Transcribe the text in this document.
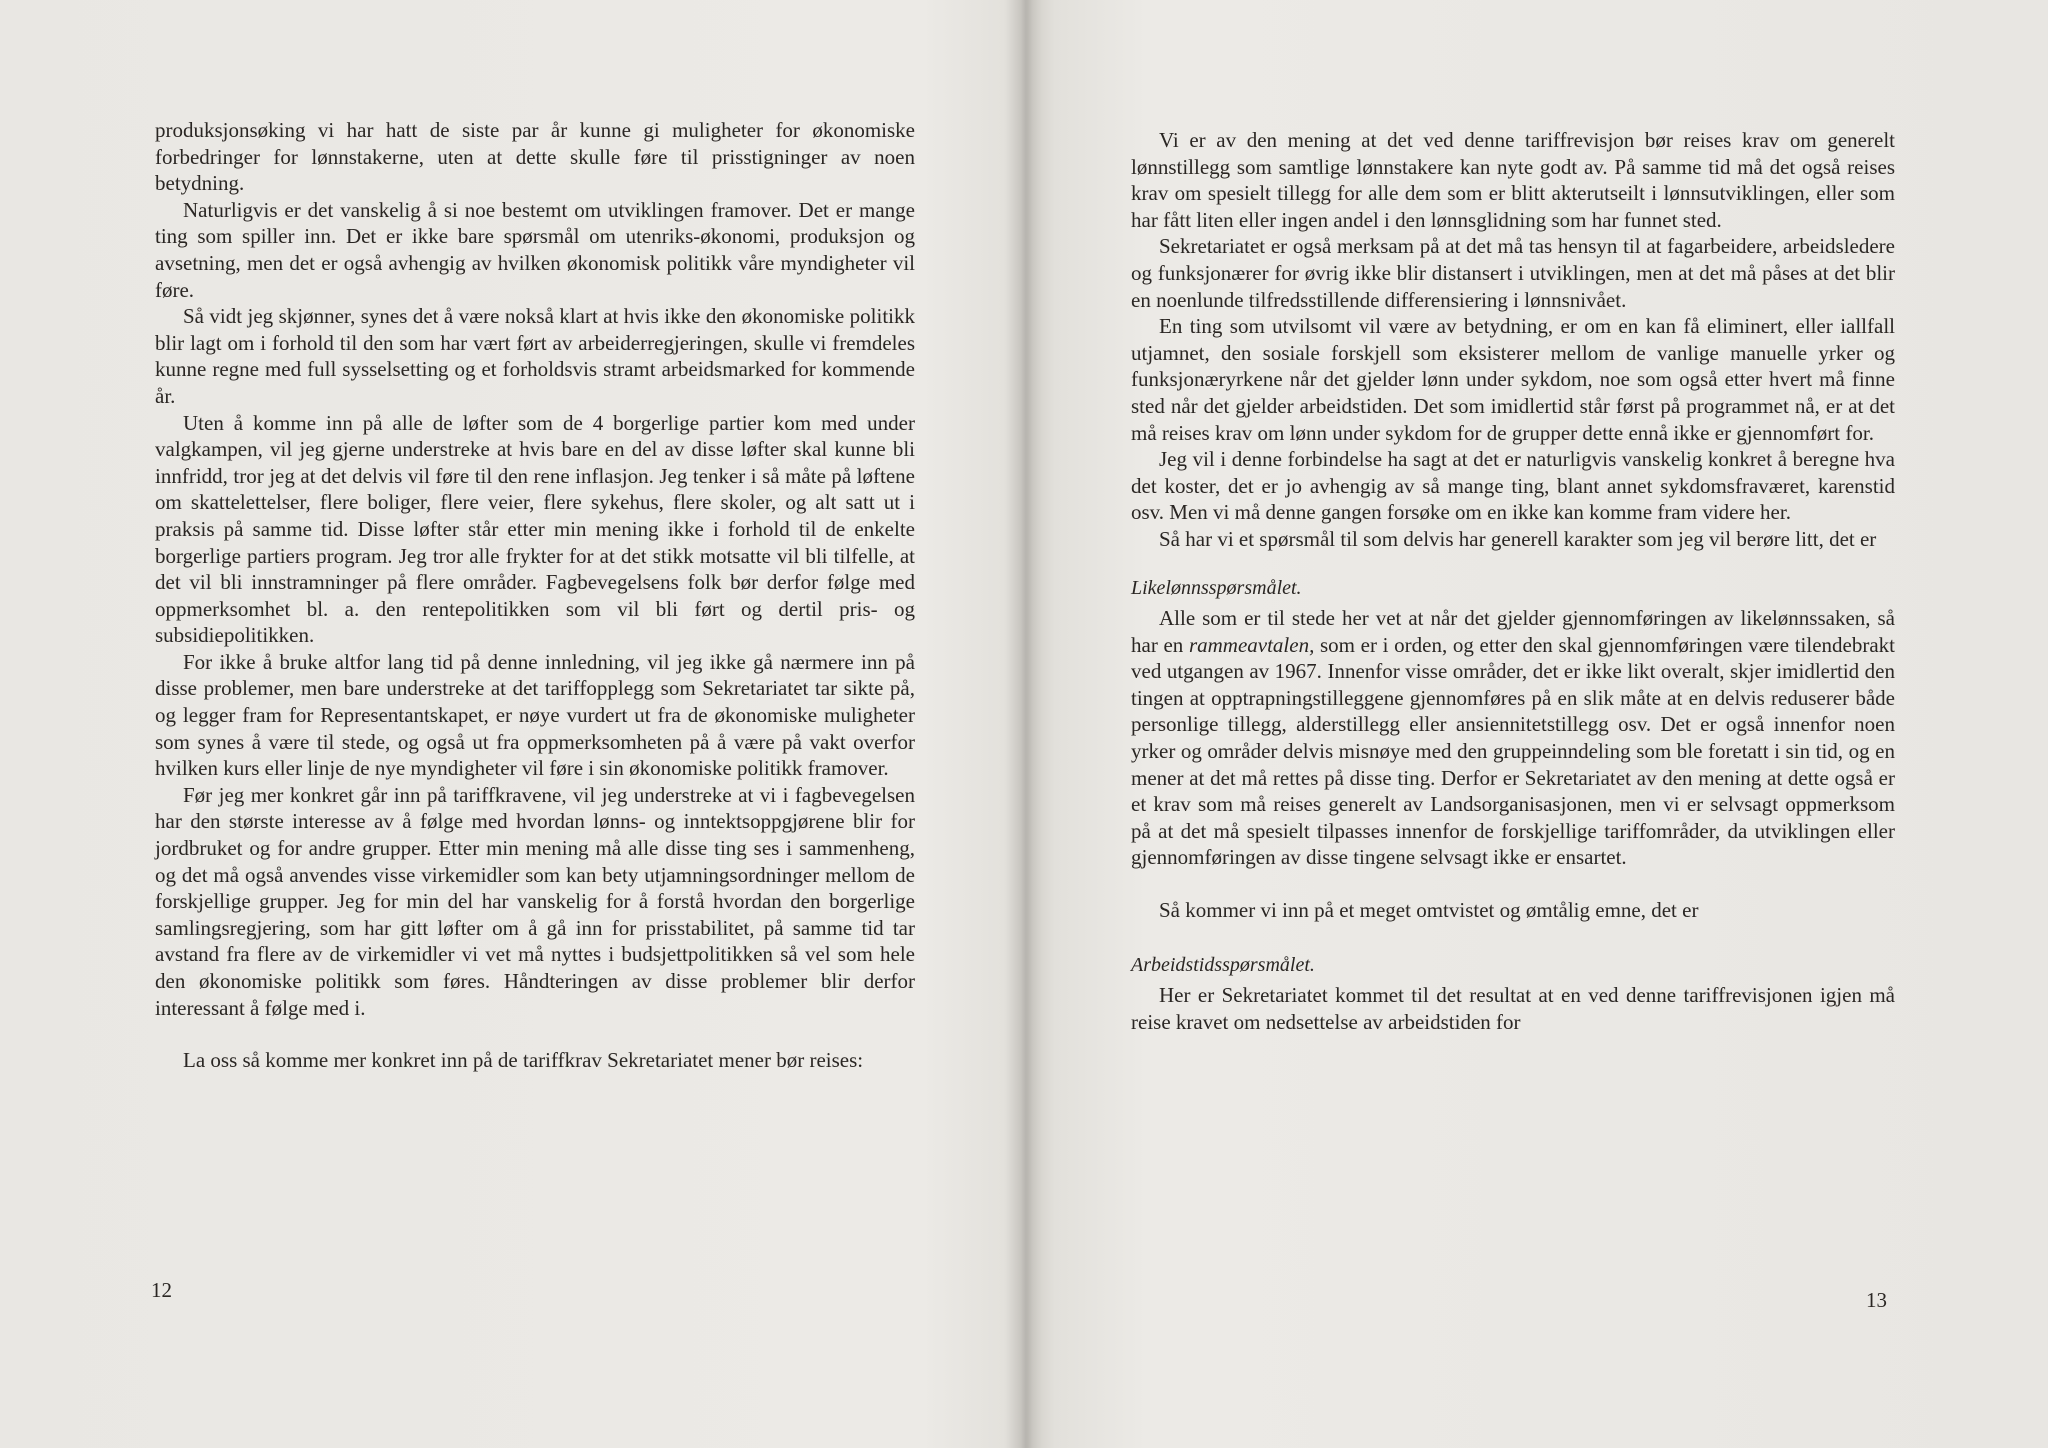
produksjonsøking vi har hatt de siste par år kunne gi muligheter for økonomiske forbedringer for lønnstakerne, uten at dette skulle føre til prisstigninger av noen betydning.

Naturligvis er det vanskelig å si noe bestemt om utviklingen framover. Det er mange ting som spiller inn. Det er ikke bare spørsmål om utenriks-økonomi, produksjon og avsetning, men det er også avhengig av hvilken økonomisk politikk våre myndigheter vil føre.

Så vidt jeg skjønner, synes det å være nokså klart at hvis ikke den økonomiske politikk blir lagt om i forhold til den som har vært ført av arbeiderregjeringen, skulle vi fremdeles kunne regne med full sysselsetting og et forholdsvis stramt arbeidsmarked for kommende år.

Uten å komme inn på alle de løfter som de 4 borgerlige partier kom med under valgkampen, vil jeg gjerne understreke at hvis bare en del av disse løfter skal kunne bli innfridd, tror jeg at det delvis vil føre til den rene inflasjon. Jeg tenker i så måte på løftene om skattelettelser, flere boliger, flere veier, flere sykehus, flere skoler, og alt satt ut i praksis på samme tid. Disse løfter står etter min mening ikke i forhold til de enkelte borgerlige partiers program. Jeg tror alle frykter for at det stikk motsatte vil bli tilfelle, at det vil bli innstramninger på flere områder. Fagbevegelsens folk bør derfor følge med oppmerksomhet bl. a. den rentepolitikken som vil bli ført og dertil pris- og subsidiepolitikken.

For ikke å bruke altfor lang tid på denne innledning, vil jeg ikke gå nærmere inn på disse problemer, men bare understreke at det tariffopplegg som Sekretariatet tar sikte på, og legger fram for Representantskapet, er nøye vurdert ut fra de økonomiske muligheter som synes å være til stede, og også ut fra oppmerksomheten på å være på vakt overfor hvilken kurs eller linje de nye myndigheter vil føre i sin økonomiske politikk framover.

Før jeg mer konkret går inn på tariffkravene, vil jeg understreke at vi i fagbevegelsen har den største interesse av å følge med hvordan lønns- og inntektsoppgjørene blir for jordbruket og for andre grupper. Etter min mening må alle disse ting ses i sammenheng, og det må også anvendes visse virkemidler som kan bety utjamningsordninger mellom de forskjellige grupper. Jeg for min del har vanskelig for å forstå hvordan den borgerlige samlingsregjering, som har gitt løfter om å gå inn for prisstabilitet, på samme tid tar avstand fra flere av de virkemidler vi vet må nyttes i budsjettpolitikken så vel som hele den økonomiske politikk som føres. Håndteringen av disse problemer blir derfor interessant å følge med i.

La oss så komme mer konkret inn på de tariffkrav Sekretariatet mener bør reises:

12

Vi er av den mening at det ved denne tariffrevisjon bør reises krav om generelt lønnstillegg som samtlige lønnstakere kan nyte godt av. På samme tid må det også reises krav om spesielt tillegg for alle dem som er blitt akterutseilt i lønnsutviklingen, eller som har fått liten eller ingen andel i den lønnsglidning som har funnet sted.

Sekretariatet er også merksam på at det må tas hensyn til at fagarbeidere, arbeidsledere og funksjonærer for øvrig ikke blir distansert i utviklingen, men at det må påses at det blir en noenlunde tilfredsstillende differensiering i lønnsnivået.

En ting som utvilsomt vil være av betydning, er om en kan få eliminert, eller iallfall utjamnet, den sosiale forskjell som eksisterer mellom de vanlige manuelle yrker og funksjonæryrkene når det gjelder lønn under sykdom, noe som også etter hvert må finne sted når det gjelder arbeidstiden. Det som imidlertid står først på programmet nå, er at det må reises krav om lønn under sykdom for de grupper dette ennå ikke er gjennomført for.

Jeg vil i denne forbindelse ha sagt at det er naturligvis vanskelig konkret å beregne hva det koster, det er jo avhengig av så mange ting, blant annet sykdomsfraværet, karenstid osv. Men vi må denne gangen forsøke om en ikke kan komme fram videre her.

Så har vi et spørsmål til som delvis har generell karakter som jeg vil berøre litt, det er

Likelønnsspørsmålet.

Alle som er til stede her vet at når det gjelder gjennomføringen av likelønnssaken, så har en rammeavtalen, som er i orden, og etter den skal gjennomføringen være tilendebrakt ved utgangen av 1967. Innenfor visse områder, det er ikke likt overalt, skjer imidlertid den tingen at opptrapningstilleggene gjennomføres på en slik måte at en delvis reduserer både personlige tillegg, alderstillegg eller ansiennitetstillegg osv. Det er også innenfor noen yrker og områder delvis misnøye med den gruppeinndeling som ble foretatt i sin tid, og en mener at det må rettes på disse ting. Derfor er Sekretariatet av den mening at dette også er et krav som må reises generelt av Landsorganisasjonen, men vi er selvsagt oppmerksom på at det må spesielt tilpasses innenfor de forskjellige tariffområder, da utviklingen eller gjennomføringen av disse tingene selvsagt ikke er ensartet.

Så kommer vi inn på et meget omtvistet og ømtålig emne, det er

Arbeidstidsspørsmålet.

Her er Sekretariatet kommet til det resultat at en ved denne tariffrevisjonen igjen må reise kravet om nedsettelse av arbeidstiden for

13
